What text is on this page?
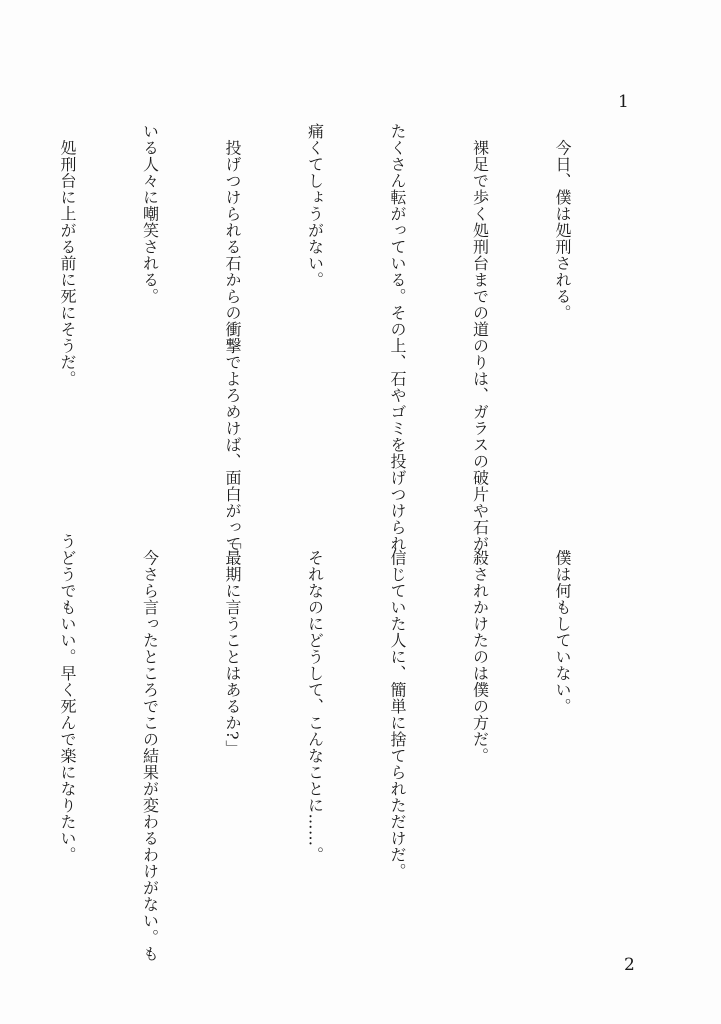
1

　今日、僕は処刑される。

　裸足で歩く処刑台までの道のりは、ガラスの破片や石が

たくさん転がっている。その上、石やゴミを投げつけられ

痛くてしょうがない。

　投げつけられる石からの衝撃でよろめけば、面白がって

いる人々に嘲笑される。

　処刑台に上がる前に死にそうだ。

　僕は何もしていない。

　殺されかけたのは僕の方だ。

　信じていた人に、簡単に捨てられただけだ。

　それなのにどうして、こんなことに……。

「最期に言うことはあるか?」

　今さら言ったところでこの結果が変わるわけがない。も

うどうでもいい。早く死んで楽になりたい。

2
